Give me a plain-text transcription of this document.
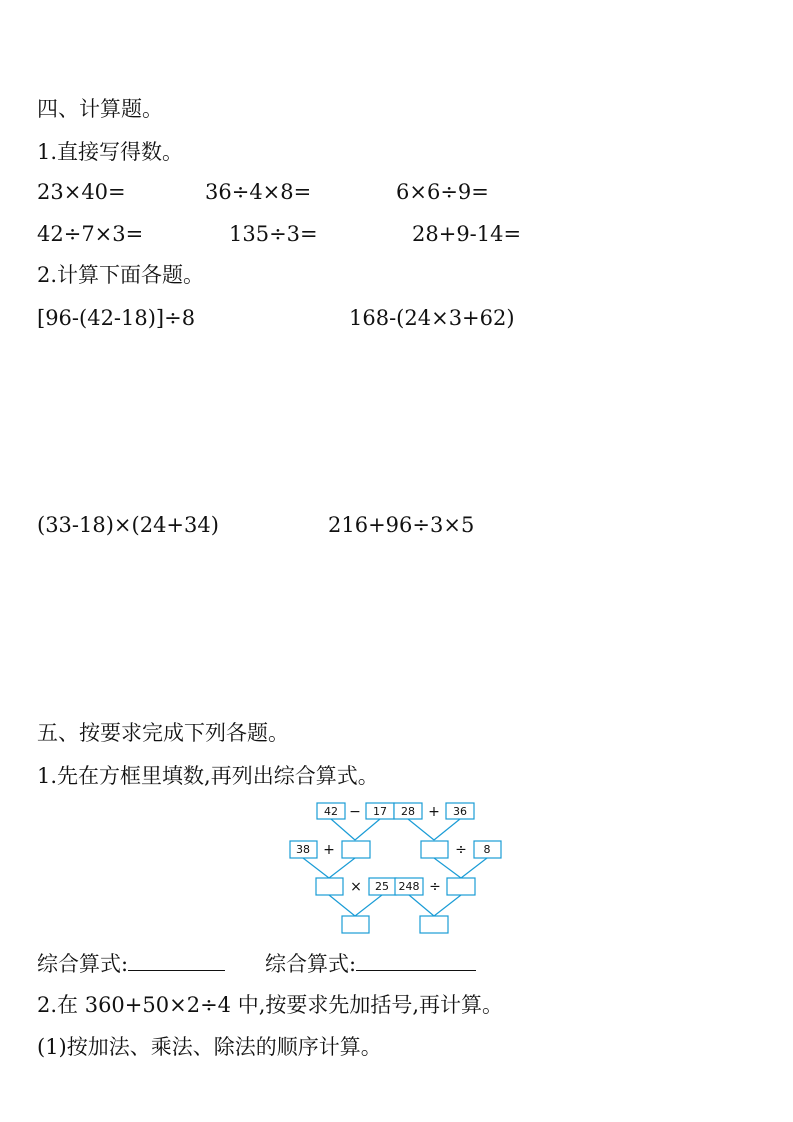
四、计算题。
1.直接写得数。
23×40=	36÷4×8=	6×6÷9=
42÷7×3=	135÷3=	28+9-14=
2.计算下面各题。
[96-(42-18)]÷8	168-(24×3+62)
(33-18)×(24+34)	216+96÷3×5
五、按要求完成下列各题。
1.先在方框里填数,再列出综合算式。
42 − 17
38 +
× 25
28 + 36
÷ 8
248 ÷
综合算式:	综合算式:
2.在 360+50×2÷4 中,按要求先加括号,再计算。
(1)按加法、乘法、除法的顺序计算。
